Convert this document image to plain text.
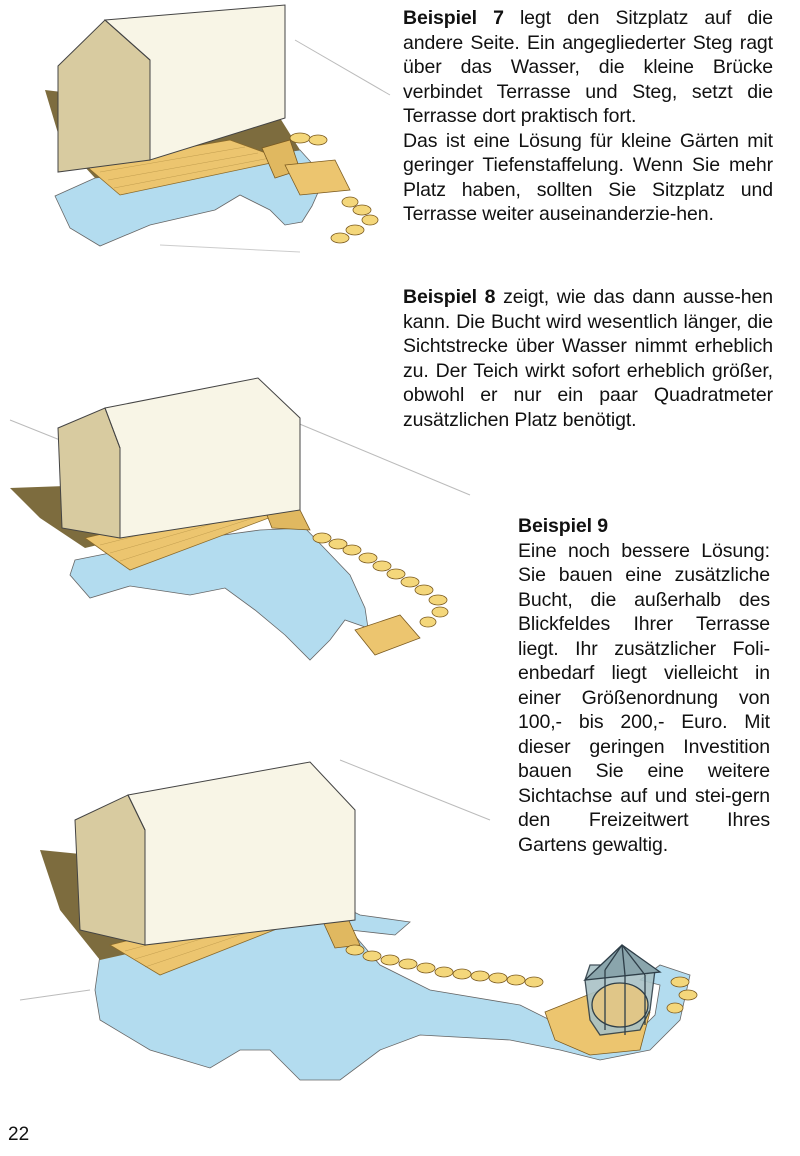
Beispiel 7 legt den Sitzplatz auf die andere Seite. Ein angegliederter Steg ragt über das Wasser, die kleine Brücke verbindet Terrasse und Steg, setzt die Terrasse dort praktisch fort.

Das ist eine Lösung für kleine Gärten mit geringer Tiefenstaffelung. Wenn Sie mehr Platz haben, sollten Sie Sitzplatz und Terrasse weiter auseinanderzie-hen.

Beispiel 8 zeigt, wie das dann ausse-hen kann. Die Bucht wird wesentlich länger, die Sichtstrecke über Wasser nimmt erheblich zu. Der Teich wirkt sofort erheblich größer, obwohl er nur ein paar Quadratmeter zusätzlichen Platz benötigt.

Beispiel 9

Eine noch bessere Lösung: Sie bauen eine zusätzliche Bucht, die außerhalb des Blickfeldes Ihrer Terrasse liegt. Ihr zusätzlicher Foli-enbedarf liegt vielleicht in einer Größenordnung von 100,- bis 200,- Euro. Mit dieser geringen Investition bauen Sie eine weitere Sichtachse auf und stei-gern den Freizeitwert Ihres Gartens gewaltig.

22
